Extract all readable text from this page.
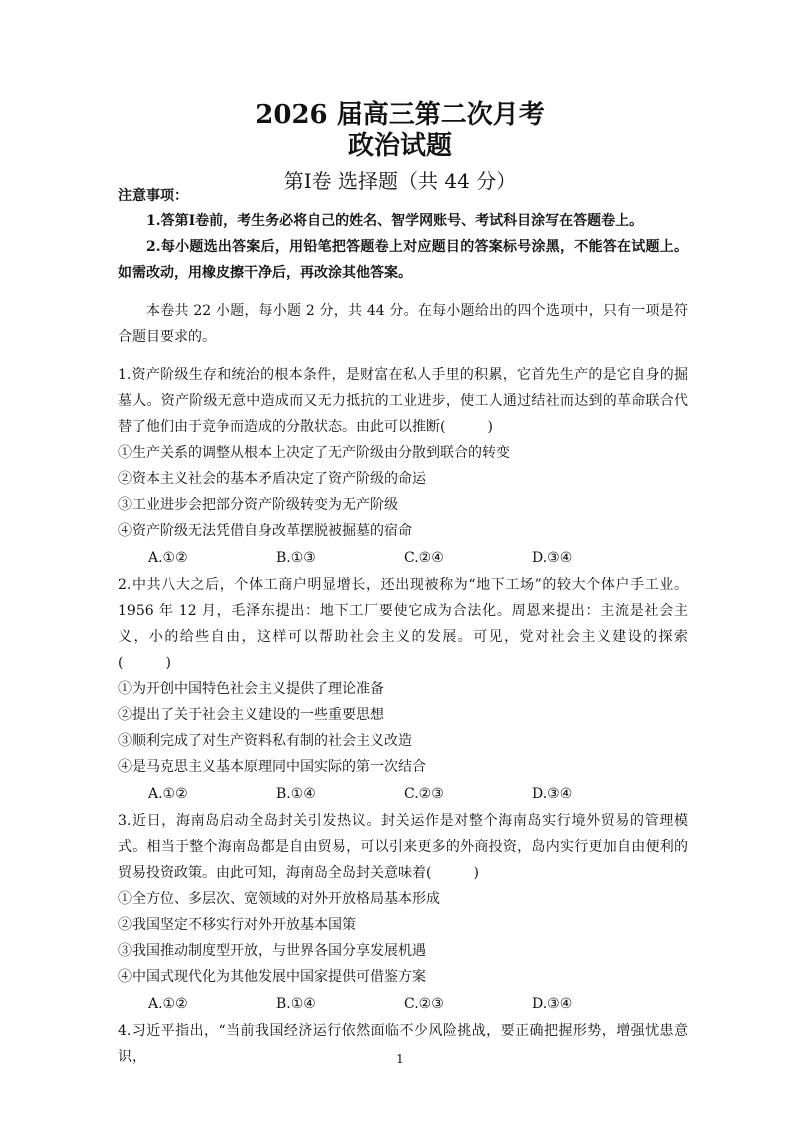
2026 届高三第二次月考
政治试题
第Ⅰ卷 选择题（共 44 分）
注意事项：

1.答第Ⅰ卷前，考生务必将自己的姓名、智学网账号、考试科目涂写在答题卷上。

2.每小题选出答案后，用铅笔把答题卷上对应题目的答案标号涂黑，不能答在试题上。如需改动，用橡皮擦干净后，再改涂其他答案。

本卷共 22 小题，每小题 2 分，共 44 分。在每小题给出的四个选项中，只有一项是符合题目要求的。

1.资产阶级生存和统治的根本条件，是财富在私人手里的积累，它首先生产的是它自身的掘墓人。资产阶级无意中造成而又无力抵抗的工业进步，使工人通过结社而达到的革命联合代替了他们由于竞争而造成的分散状态。由此可以推断(　　　)

①生产关系的调整从根本上决定了无产阶级由分散到联合的转变
②资本主义社会的基本矛盾决定了资产阶级的命运
③工业进步会把部分资产阶级转变为无产阶级
④资产阶级无法凭借自身改革摆脱被掘墓的宿命
A.①②	B.①③	C.②④	D.③④

2.中共八大之后，个体工商户明显增长，还出现被称为“地下工场”的较大个体户手工业。1956 年 12 月，毛泽东提出：地下工厂要使它成为合法化。周恩来提出：主流是社会主义，小的给些自由，这样可以帮助社会主义的发展。可见，党对社会主义建设的探索(　　　)

①为开创中国特色社会主义提供了理论准备
②提出了关于社会主义建设的一些重要思想
③顺利完成了对生产资料私有制的社会主义改造
④是马克思主义基本原理同中国实际的第一次结合
A.①②	B.①④	C.②③	D.③④

3.近日，海南岛启动全岛封关引发热议。封关运作是对整个海南岛实行境外贸易的管理模式。相当于整个海南岛都是自由贸易，可以引来更多的外商投资，岛内实行更加自由便利的贸易投资政策。由此可知，海南岛全岛封关意味着(　　　)

①全方位、多层次、宽领域的对外开放格局基本形成
②我国坚定不移实行对外开放基本国策
③我国推动制度型开放，与世界各国分享发展机遇
④中国式现代化为其他发展中国家提供可借鉴方案
A.①②	B.①④	C.②③	D.③④

4.习近平指出，“当前我国经济运行依然面临不少风险挑战，要正确把握形势，增强忧患意识，	1
